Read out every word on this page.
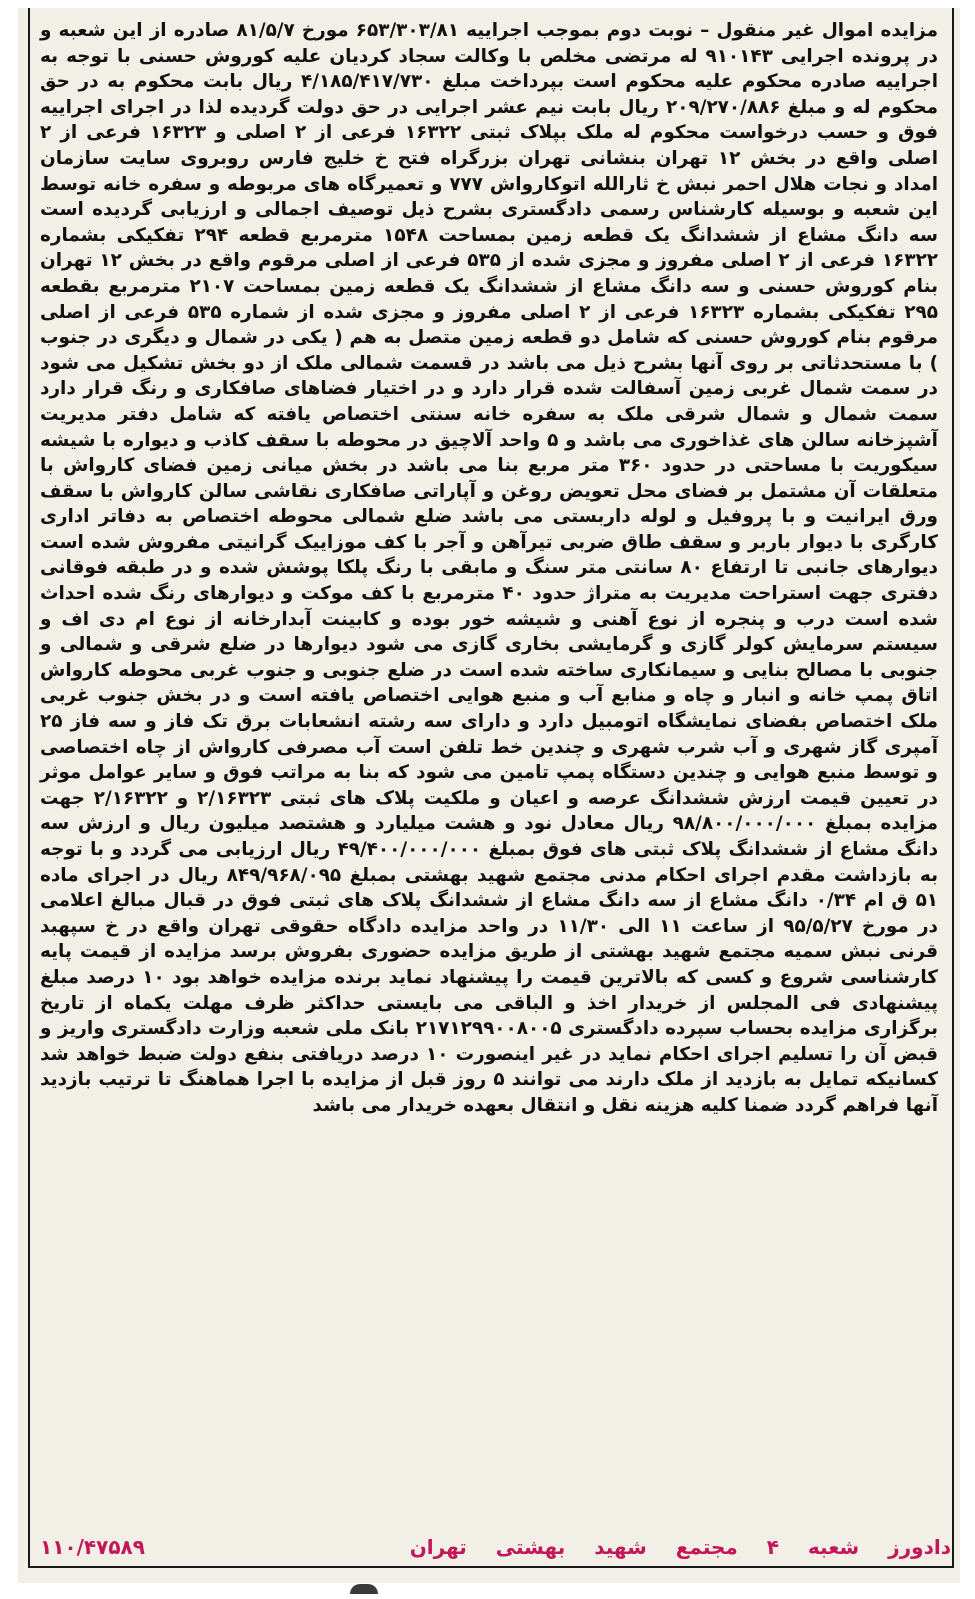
مزایده اموال غیر منقول – نوبت دوم بموجب اجراییه ۶۵۳/۳۰۳/۸۱ مورخ ۸۱/۵/۷ صادره از این شعبه و در پرونده اجرایی ۹۱۰۱۴۳ له مرتضی مخلص با وکالت سجاد کردیان علیه کوروش حسنی با توجه به اجراییه صادره محکوم علیه محکوم است بپرداخت مبلغ ۴/۱۸۵/۴۱۷/۷۳۰ ریال بابت محکوم به در حق محکوم له و مبلغ ۲۰۹/۲۷۰/۸۸۶ ریال بابت نیم عشر اجرایی در حق دولت گردیده لذا در اجرای اجراییه فوق و حسب درخواست محکوم له ملک بپلاک ثبتی ۱۶۳۲۲ فرعی از ۲ اصلی و ۱۶۳۲۳ فرعی از ۲ اصلی واقع در بخش ۱۲ تهران بنشانی تهران بزرگراه فتح خ خلیج فارس روبروی سایت سازمان امداد و نجات هلال احمر نبش خ ثارالله اتوکارواش ۷۷۷ و تعمیرگاه های مربوطه و سفره خانه توسط این شعبه و بوسیله کارشناس رسمی دادگستری بشرح ذیل توصیف اجمالی و ارزیابی گردیده است سه دانگ مشاع از ششدانگ یک قطعه زمین بمساحت ۱۵۴۸ مترمربع قطعه ۲۹۴ تفکیکی بشماره ۱۶۳۲۲ فرعی از ۲ اصلی مفروز و مجزی شده از ۵۳۵ فرعی از اصلی مرقوم واقع در بخش ۱۲ تهران بنام کوروش حسنی و سه دانگ مشاع از ششدانگ یک قطعه زمین بمساحت ۲۱۰۷ مترمربع بقطعه ۲۹۵ تفکیکی بشماره ۱۶۳۲۳ فرعی از ۲ اصلی مفروز و مجزی شده از شماره ۵۳۵ فرعی از اصلی مرقوم بنام کوروش حسنی که شامل دو قطعه زمین متصل به هم ( یکی در شمال و دیگری در جنوب ) با مستحدثاتی بر روی آنها بشرح ذیل می باشد در قسمت شمالی ملک از دو بخش تشکیل می شود در سمت شمال غربی زمین آسفالت شده قرار دارد و در اختیار فضاهای صافکاری و رنگ قرار دارد سمت شمال و شمال شرقی ملک به سفره خانه سنتی اختصاص یافته که شامل دفتر مدیریت آشپزخانه سالن های غذاخوری می باشد و ۵ واحد آلاچیق در محوطه با سقف کاذب و دیواره با شیشه سیکوریت با مساحتی در حدود ۳۶۰ متر مربع بنا می باشد در بخش میانی زمین فضای کارواش با متعلقات آن مشتمل بر فضای محل تعویض روغن و آپاراتی صافکاری نقاشی سالن کارواش با سقف ورق ایرانیت و با پروفیل و لوله داربستی می باشد ضلع شمالی محوطه اختصاص به دفاتر اداری کارگری با دیوار باربر و سقف طاق ضربی تیرآهن و آجر با کف موزاییک گرانیتی مفروش شده است دیوارهای جانبی تا ارتفاع ۸۰ سانتی متر سنگ و مابقی با رنگ پلکا پوشش شده و در طبقه فوقانی دفتری جهت استراحت مدیریت به متراژ حدود ۴۰ مترمربع با کف موکت و دیوارهای رنگ شده احداث شده است درب و پنجره از نوع آهنی و شیشه خور بوده و کابینت آبدارخانه از نوع ام دی اف و سیستم سرمایش کولر گازی و گرمایشی بخاری گازی می شود دیوارها در ضلع شرقی و شمالی و جنوبی با مصالح بنایی و سیمانکاری ساخته شده است در ضلع جنوبی و جنوب غربی محوطه کارواش اتاق پمپ خانه و انبار و چاه و منابع آب و منبع هوایی اختصاص یافته است و در بخش جنوب غربی ملک اختصاص بفضای نمایشگاه اتومبیل دارد و دارای سه رشته انشعابات برق تک فاز و سه فاز ۲۵ آمپری گاز شهری و آب شرب شهری و چندین خط تلفن است آب مصرفی کارواش از چاه اختصاصی و توسط منبع هوایی و چندین دستگاه پمپ تامین می شود که بنا به مراتب فوق و سایر عوامل موثر در تعیین قیمت ارزش ششدانگ عرصه و اعیان و ملکیت پلاک های ثبتی ۲/۱۶۳۲۳ و ۲/۱۶۳۲۲ جهت مزایده بمبلغ ۹۸/۸۰۰/۰۰۰/۰۰۰ ریال معادل نود و هشت میلیارد و هشتصد میلیون ریال و ارزش سه دانگ مشاع از ششدانگ پلاک ثبتی های فوق بمبلغ ۴۹/۴۰۰/۰۰۰/۰۰۰ ریال ارزیابی می گردد و با توجه به بازداشت مقدم اجرای احکام مدنی مجتمع شهید بهشتی بمبلغ ۸۴۹/۹۶۸/۰۹۵ ریال در اجرای ماده ۵۱ ق ام ۰/۳۴ دانگ مشاع از سه دانگ مشاع از ششدانگ پلاک های ثبتی فوق در قبال مبالغ اعلامی در مورخ ۹۵/۵/۲۷ از ساعت ۱۱ الی ۱۱/۳۰ در واحد مزایده دادگاه حقوقی تهران واقع در خ سپهبد قرنی نبش سمیه مجتمع شهید بهشتی از طریق مزایده حضوری بفروش برسد مزایده از قیمت پایه کارشناسی شروع و کسی که بالاترین قیمت را پیشنهاد نماید برنده مزایده خواهد بود ۱۰ درصد مبلغ پیشنهادی فی المجلس از خریدار اخذ و الباقی می بایستی حداکثر ظرف مهلت یکماه از تاریخ برگزاری مزایده بحساب سپرده دادگستری ۲۱۷۱۲۹۹۰۰۸۰۰۵ بانک ملی شعبه وزارت دادگستری واریز و قبض آن را تسلیم اجرای احکام نماید در غیر اینصورت ۱۰ درصد دریافتی بنفع دولت ضبط خواهد شد کسانیکه تمایل به بازدید از ملک دارند می توانند ۵ روز قبل از مزایده با اجرا هماهنگ تا ترتیب بازدید آنها فراهم گردد ضمنا کلیه هزینه نقل و انتقال بعهده خریدار می باشد

دادورز شعبه ۴ مجتمع شهید بهشتی تهران
۱۱۰/۴۷۵۸۹
